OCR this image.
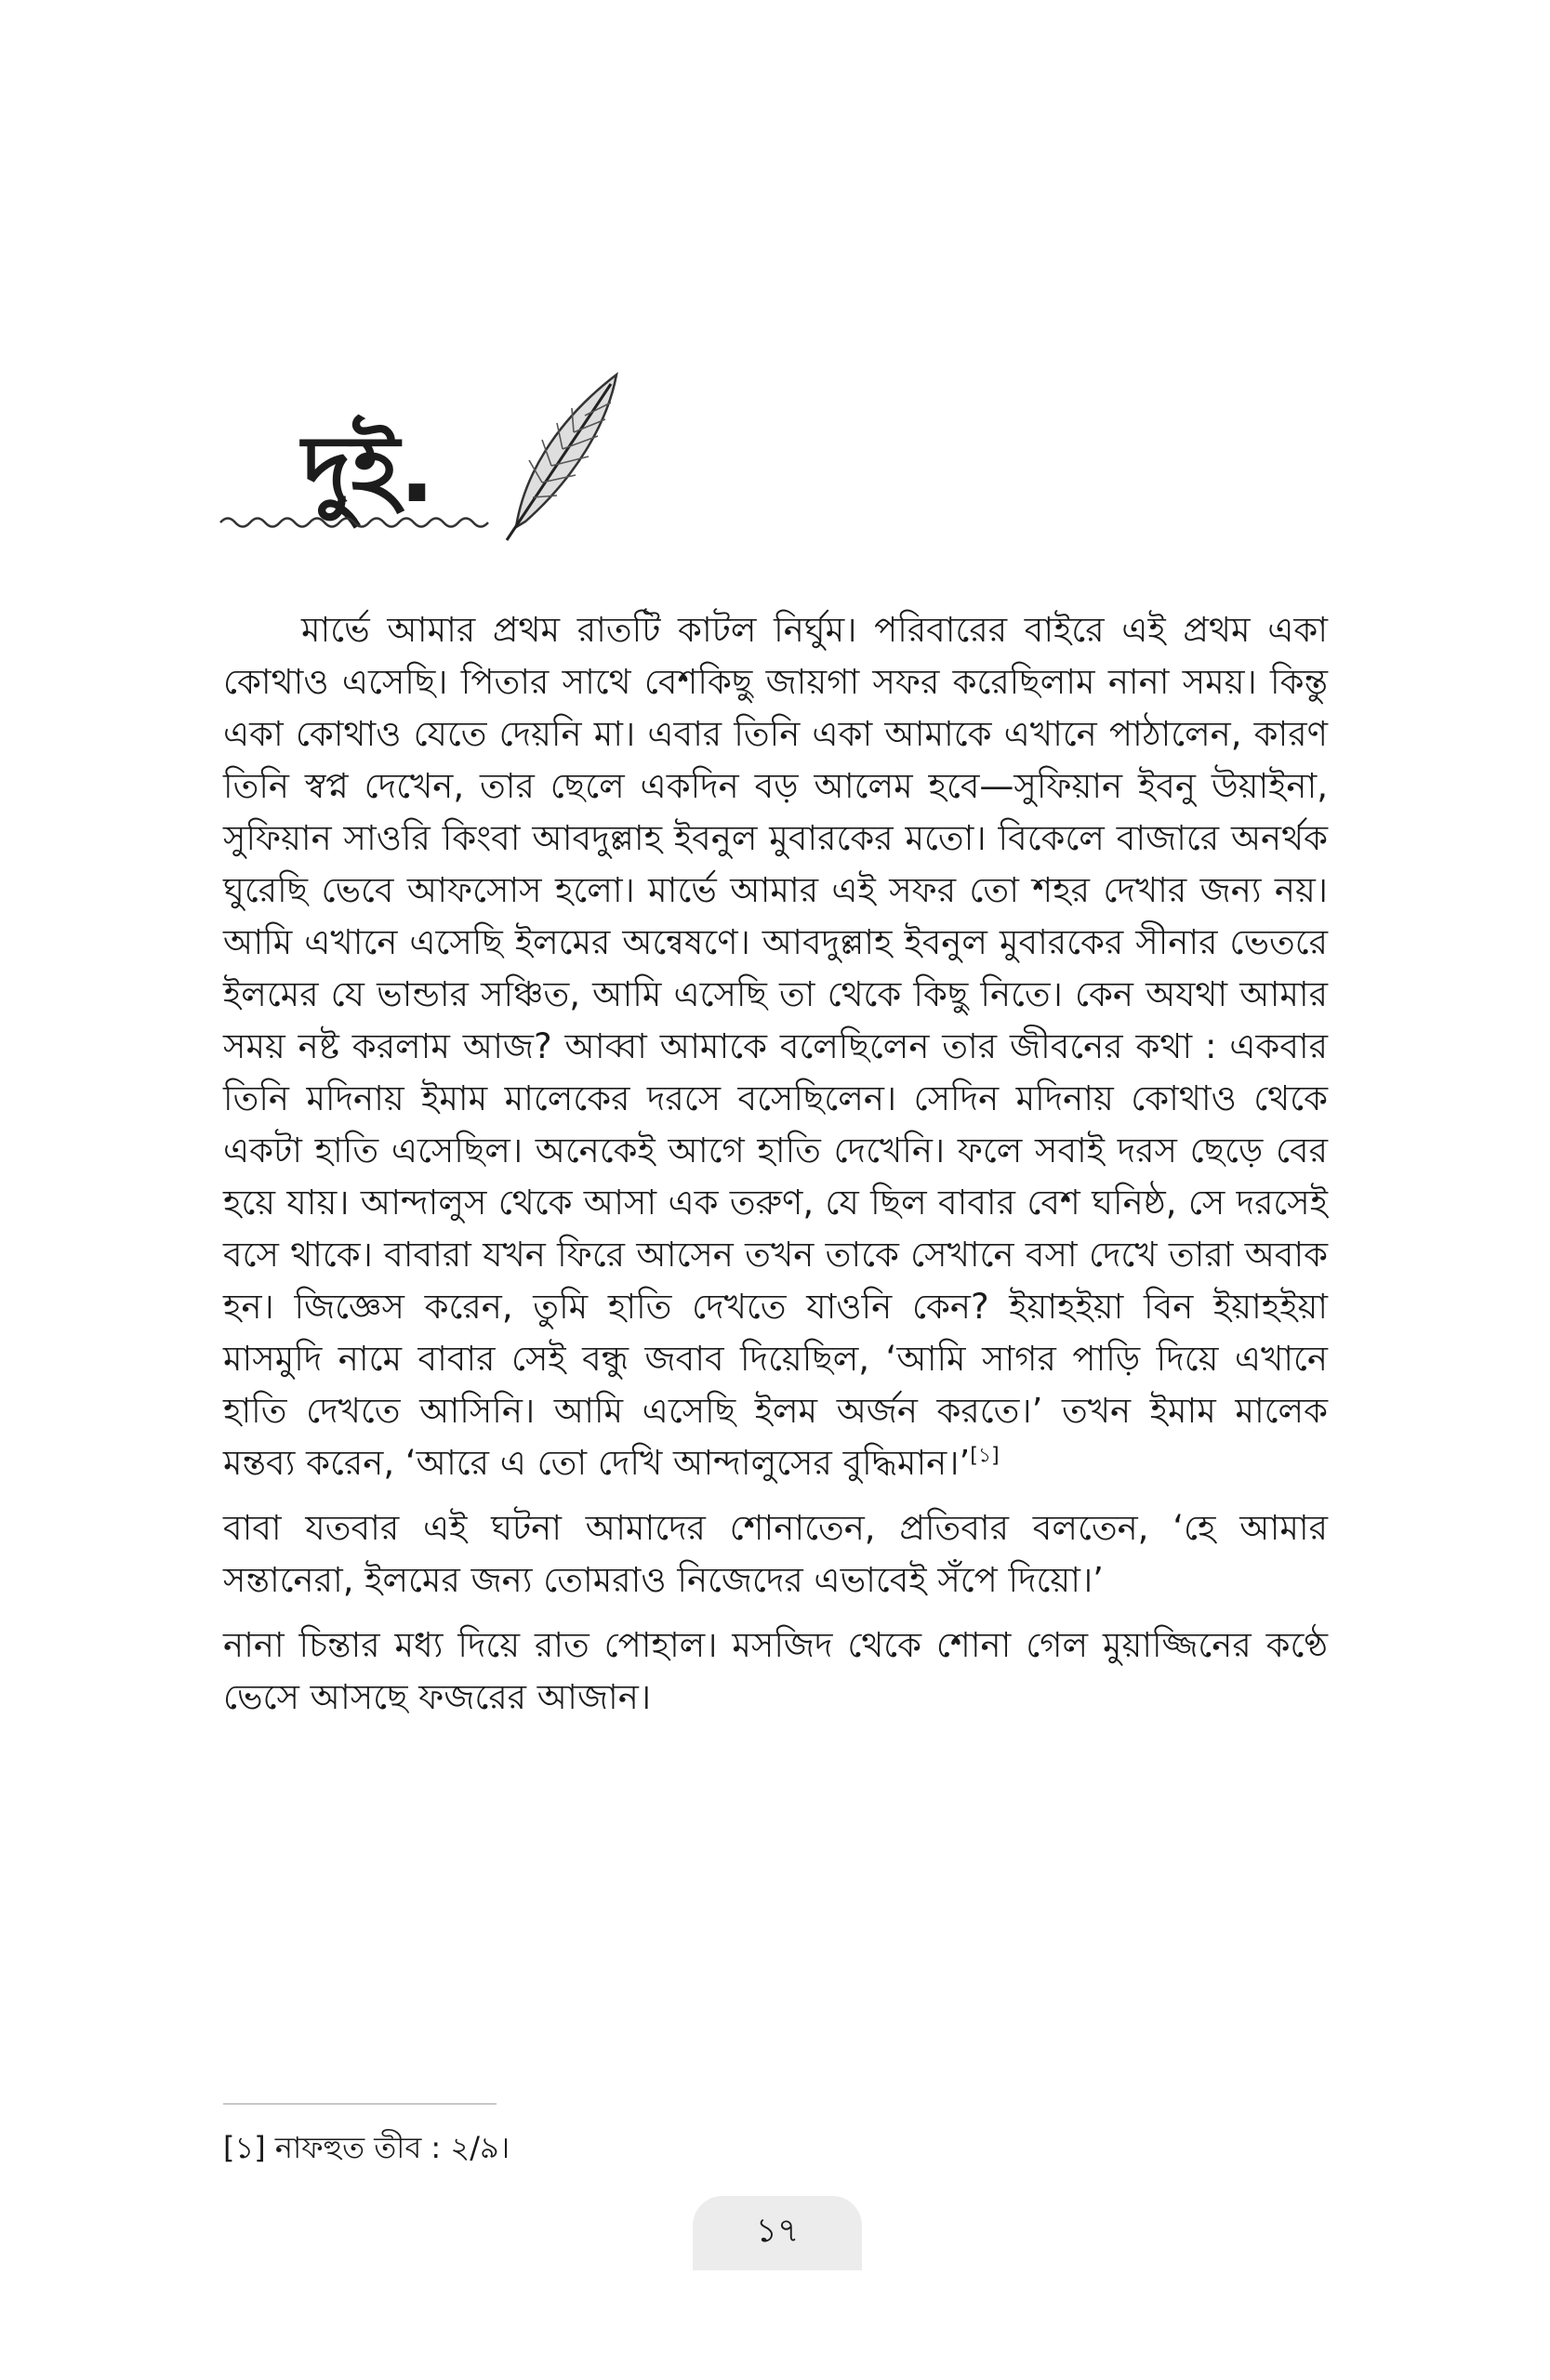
দুই.

মার্ভে আমার প্রথম রাতটি কাটল নির্ঘুম। পরিবারের বাইরে এই প্রথম একা কোথাও এসেছি। পিতার সাথে বেশকিছু জায়গা সফর করেছিলাম নানা সময়। কিন্তু একা কোথাও যেতে দেয়নি মা। এবার তিনি একা আমাকে এখানে পাঠালেন, কারণ তিনি স্বপ্ন দেখেন, তার ছেলে একদিন বড় আলেম হবে—সুফিয়ান ইবনু উয়াইনা, সুফিয়ান সাওরি কিংবা আবদুল্লাহ ইবনুল মুবারকের মতো। বিকেলে বাজারে অনর্থক ঘুরেছি ভেবে আফসোস হলো। মার্ভে আমার এই সফর তো শহর দেখার জন্য নয়। আমি এখানে এসেছি ইলমের অন্বেষণে। আবদুল্লাহ ইবনুল মুবারকের সীনার ভেতরে ইলমের যে ভান্ডার সঞ্চিত, আমি এসেছি তা থেকে কিছু নিতে। কেন অযথা আমার সময় নষ্ট করলাম আজ? আব্বা আমাকে বলেছিলেন তার জীবনের কথা : একবার তিনি মদিনায় ইমাম মালেকের দরসে বসেছিলেন। সেদিন মদিনায় কোথাও থেকে একটা হাতি এসেছিল। অনেকেই আগে হাতি দেখেনি। ফলে সবাই দরস ছেড়ে বের হয়ে যায়। আন্দালুস থেকে আসা এক তরুণ, যে ছিল বাবার বেশ ঘনিষ্ঠ, সে দরসেই বসে থাকে। বাবারা যখন ফিরে আসেন তখন তাকে সেখানে বসা দেখে তারা অবাক হন। জিজ্ঞেস করেন, তুমি হাতি দেখতে যাওনি কেন? ইয়াহইয়া বিন ইয়াহইয়া মাসমুদি নামে বাবার সেই বন্ধু জবাব দিয়েছিল, ‘আমি সাগর পাড়ি দিয়ে এখানে হাতি দেখতে আসিনি। আমি এসেছি ইলম অর্জন করতে।’ তখন ইমাম মালেক মন্তব্য করেন, ‘আরে এ তো দেখি আন্দালুসের বুদ্ধিমান।’[১]

বাবা যতবার এই ঘটনা আমাদের শোনাতেন, প্রতিবার বলতেন, ‘হে আমার সন্তানেরা, ইলমের জন্য তোমরাও নিজেদের এভাবেই সঁপে দিয়ো।’

নানা চিন্তার মধ্য দিয়ে রাত পোহাল। মসজিদ থেকে শোনা গেল মুয়াজ্জিনের কণ্ঠে ভেসে আসছে ফজরের আজান।

[১] নাফহুত তীব : ২/৯।
১৭
